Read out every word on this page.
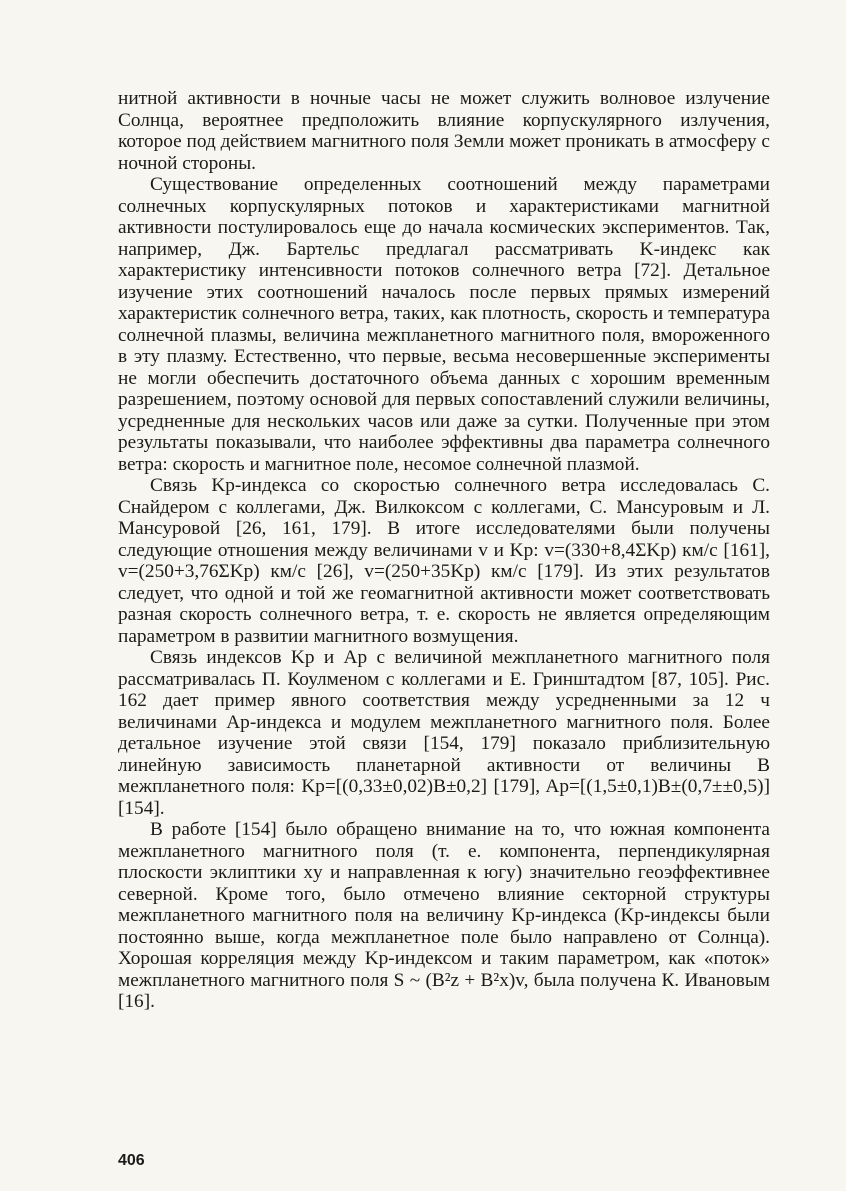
нитной активности в ночные часы не может служить волновое излучение Солнца, вероятнее предположить влияние корпускулярного излучения, которое под действием магнитного поля Земли может проникать в атмосферу с ночной стороны.

Существование определенных соотношений между параметрами солнечных корпускулярных потоков и характеристиками магнитной активности постулировалось еще до начала космических экспериментов. Так, например, Дж. Бартельс предлагал рассматривать K-индекс как характеристику интенсивности потоков солнечного ветра [72]. Детальное изучение этих соотношений началось после первых прямых измерений характеристик солнечного ветра, таких, как плотность, скорость и температура солнечной плазмы, величина межпланетного магнитного поля, вмороженного в эту плазму. Естественно, что первые, весьма несовершенные эксперименты не могли обеспечить достаточного объема данных с хорошим временным разрешением, поэтому основой для первых сопоставлений служили величины, усредненные для нескольких часов или даже за сутки. Полученные при этом результаты показывали, что наиболее эффективны два параметра солнечного ветра: скорость и магнитное поле, несомое солнечной плазмой.

Связь Kp-индекса со скоростью солнечного ветра исследовалась С. Снайдером с коллегами, Дж. Вилкоксом с коллегами, С. Мансуровым и Л. Мансуровой [26, 161, 179]. В итоге исследователями были получены следующие отношения между величинами v и Kp: v=(330+8,4ΣKp) км/с [161], v=(250+3,76ΣKp) км/с [26], v=(250+35Kp) км/с [179]. Из этих результатов следует, что одной и той же геомагнитной активности может соответствовать разная скорость солнечного ветра, т. е. скорость не является определяющим параметром в развитии магнитного возмущения.

Связь индексов Kp и Ap с величиной межпланетного магнитного поля рассматривалась П. Коулменом с коллегами и Е. Гринштадтом [87, 105]. Рис. 162 дает пример явного соответствия между усредненными за 12 ч величинами Ap-индекса и модулем межпланетного магнитного поля. Более детальное изучение этой связи [154, 179] показало приблизительную линейную зависимость планетарной активности от величины B межпланетного поля: Kp=[(0,33±0,02)B±0,2] [179], Ap=[(1,5±0,1)B±(0,7±±0,5)] [154].

В работе [154] было обращено внимание на то, что южная компонента межпланетного магнитного поля (т. е. компонента, перпендикулярная плоскости эклиптики xy и направленная к югу) значительно геоэффективнее северной. Кроме того, было отмечено влияние секторной структуры межпланетного магнитного поля на величину Kp-индекса (Kp-индексы были постоянно выше, когда межпланетное поле было направлено от Солнца). Хорошая корреляция между Kp-индексом и таким параметром, как «поток» межпланетного магнитного поля S ~ (B²z + B²x)v, была получена К. Ивановым [16].

406
